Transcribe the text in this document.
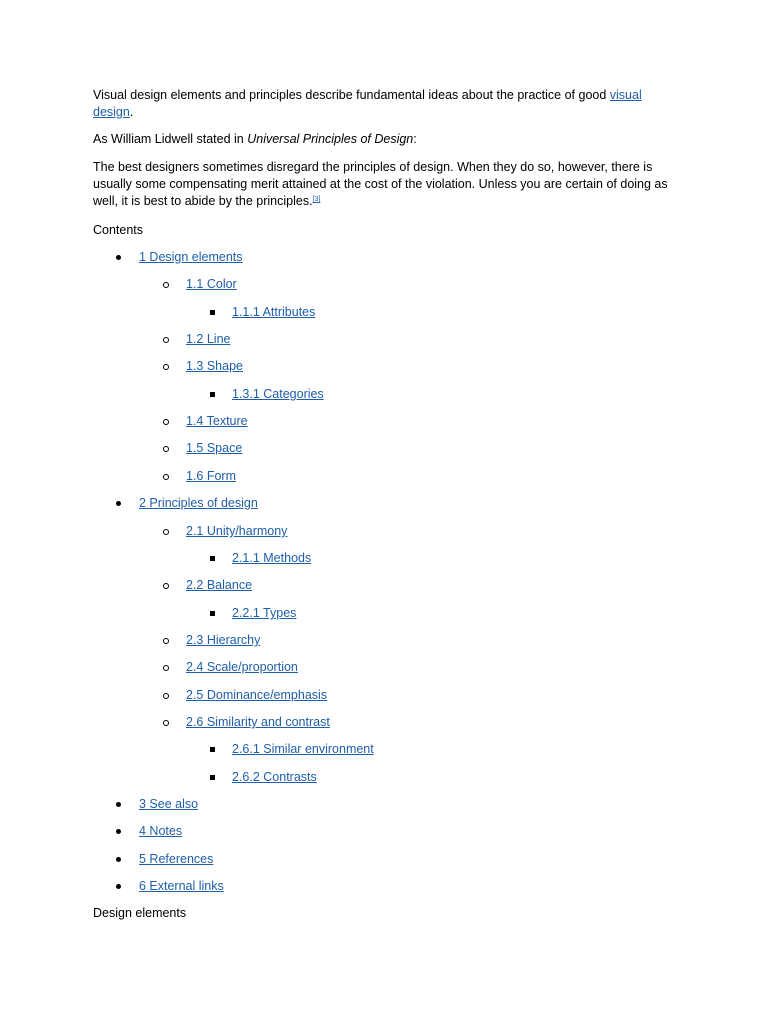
Visual design elements and principles describe fundamental ideas about the practice of good visual design.

As William Lidwell stated in Universal Principles of Design:

The best designers sometimes disregard the principles of design. When they do so, however, there is usually some compensating merit attained at the cost of the violation. Unless you are certain of doing as well, it is best to abide by the principles.[3]

Contents
1 Design elements
1.1 Color
1.1.1 Attributes
1.2 Line
1.3 Shape
1.3.1 Categories
1.4 Texture
1.5 Space
1.6 Form
2 Principles of design
2.1 Unity/harmony
2.1.1 Methods
2.2 Balance
2.2.1 Types
2.3 Hierarchy
2.4 Scale/proportion
2.5 Dominance/emphasis
2.6 Similarity and contrast
2.6.1 Similar environment
2.6.2 Contrasts
3 See also
4 Notes
5 References
6 External links
Design elements
